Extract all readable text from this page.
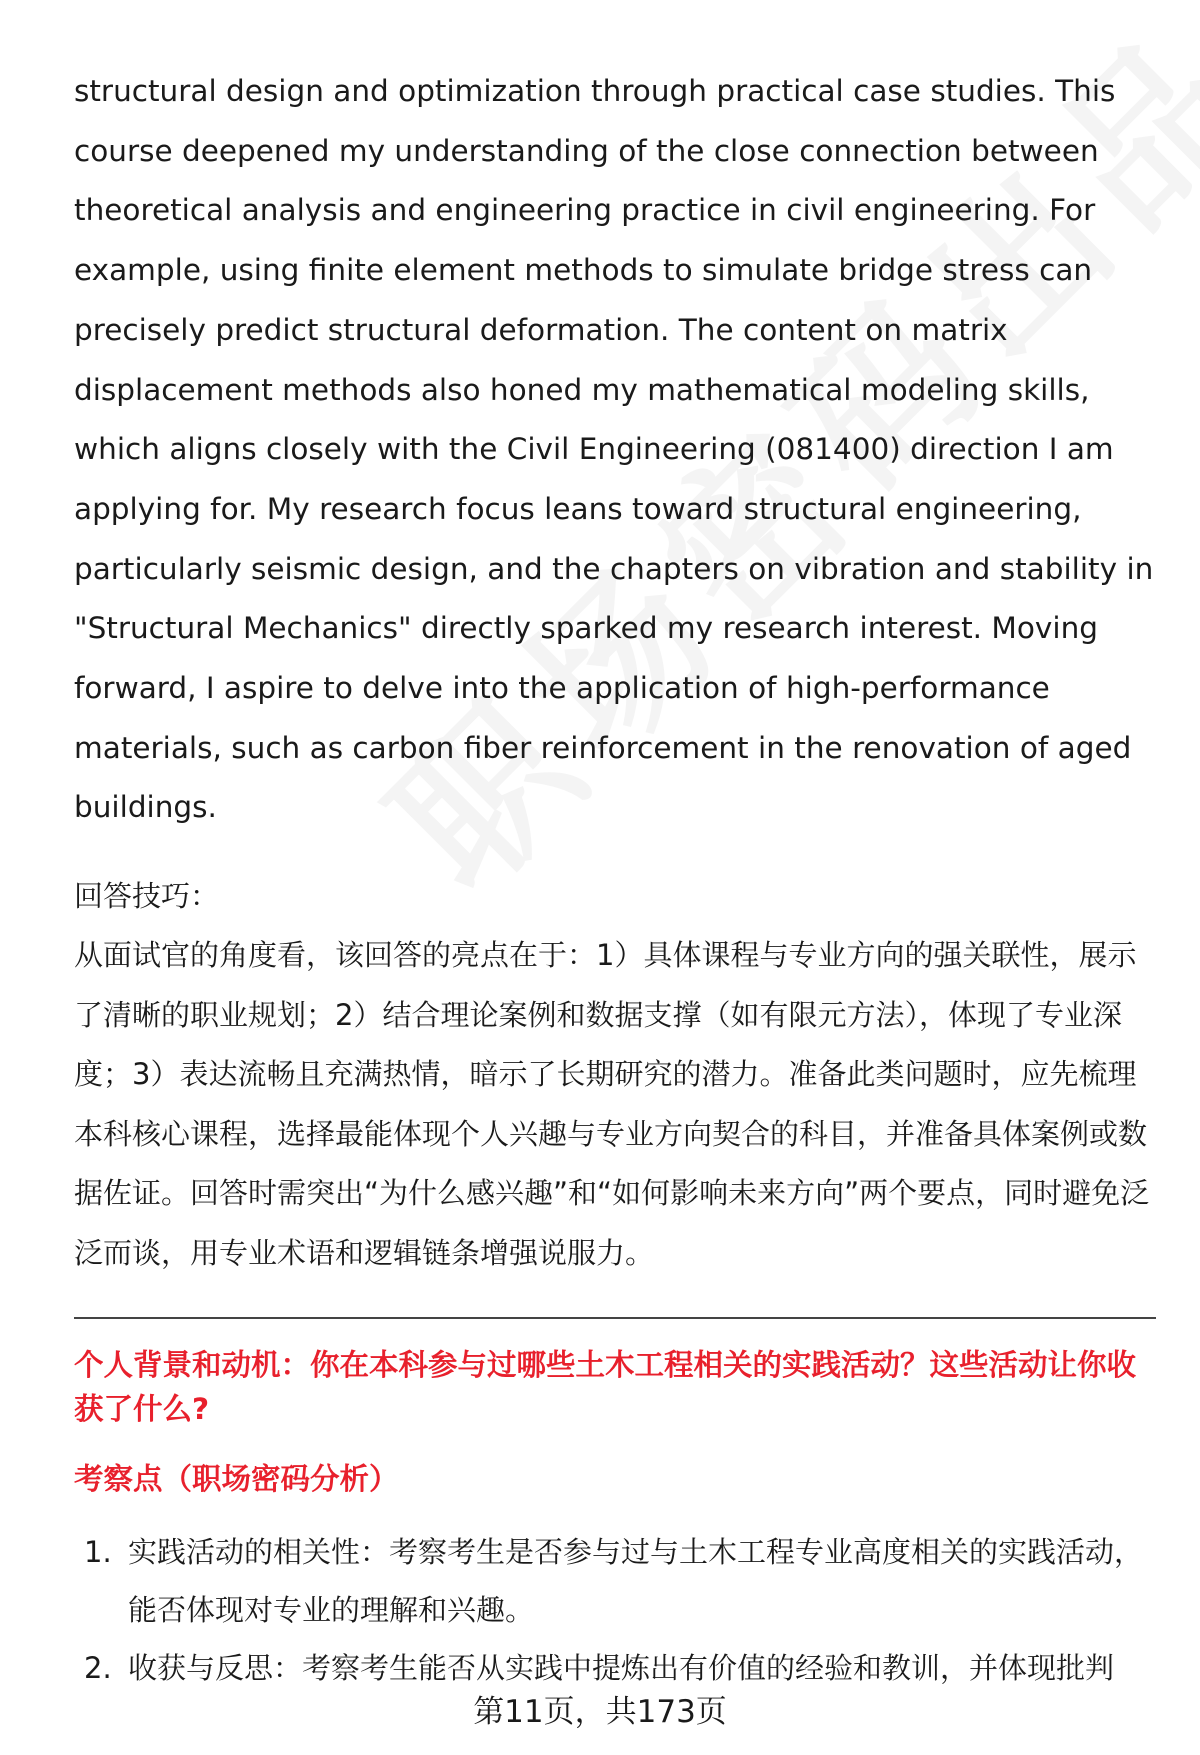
structural design and optimization through practical case studies. This course deepened my understanding of the close connection between theoretical analysis and engineering practice in civil engineering. For example, using finite element methods to simulate bridge stress can precisely predict structural deformation. The content on matrix displacement methods also honed my mathematical modeling skills, which aligns closely with the Civil Engineering (081400) direction I am applying for. My research focus leans toward structural engineering, particularly seismic design, and the chapters on vibration and stability in "Structural Mechanics" directly sparked my research interest. Moving forward, I aspire to delve into the application of high-performance materials, such as carbon fiber reinforcement in the renovation of aged buildings.

回答技巧：

从面试官的角度看，该回答的亮点在于：1）具体课程与专业方向的强关联性，展示了清晰的职业规划；2）结合理论案例和数据支撑（如有限元方法），体现了专业深度；3）表达流畅且充满热情，暗示了长期研究的潜力。准备此类问题时，应先梳理本科核心课程，选择最能体现个人兴趣与专业方向契合的科目，并准备具体案例或数据佐证。回答时需突出“为什么感兴趣”和“如何影响未来方向”两个要点，同时避免泛泛而谈，用专业术语和逻辑链条增强说服力。

个人背景和动机：你在本科参与过哪些土木工程相关的实践活动？这些活动让你收获了什么?

考察点（职场密码分析）

1. 实践活动的相关性：考察考生是否参与过与土木工程专业高度相关的实践活动，能否体现对专业的理解和兴趣。
2. 收获与反思：考察考生能否从实践中提炼出有价值的经验和教训，并体现批判
第11页，共173页
